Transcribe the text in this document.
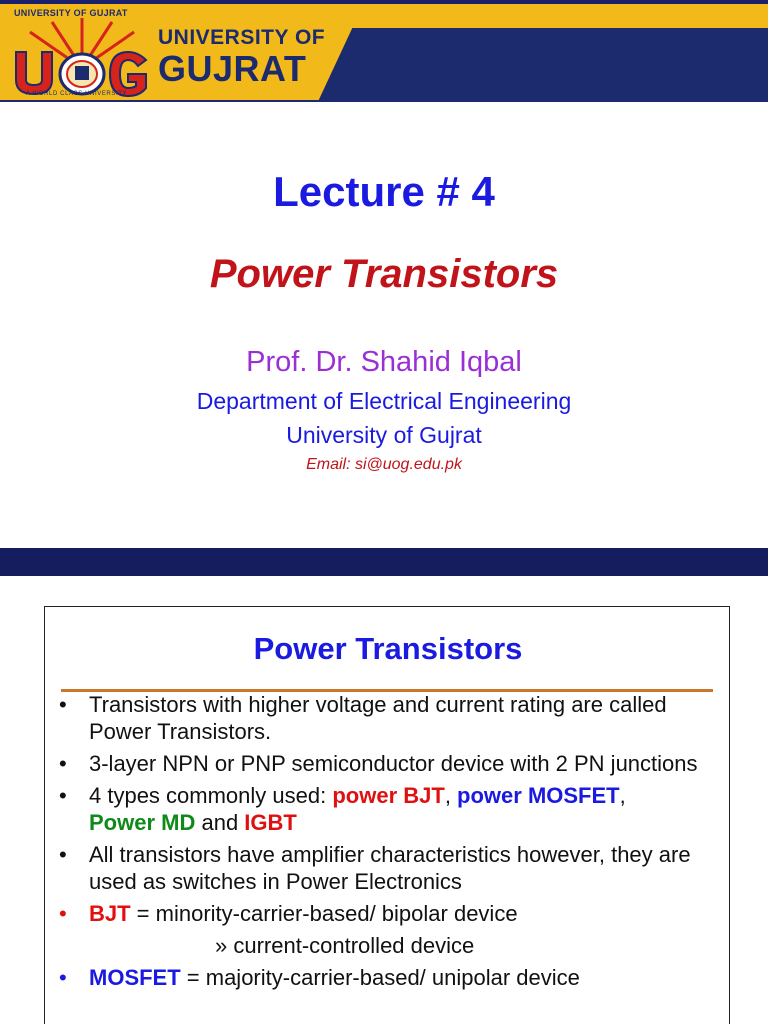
UNIVERSITY OF GUJRAT
A WORLD CLASS UNIVERSITY
UNIVERSITY OF
GUJRAT
Lecture # 4
Power Transistors
Prof. Dr. Shahid Iqbal
Department of Electrical Engineering
University of Gujrat
Email: si@uog.edu.pk
Power Transistors
• Transistors with higher voltage and current rating are called Power Transistors.
• 3-layer NPN or PNP semiconductor device with 2 PN junctions
• 4 types commonly used: power BJT, power MOSFET,
Power MD and IGBT
• All transistors have amplifier characteristics however, they are used as switches in Power Electronics
• BJT = minority-carrier-based/ bipolar device
» current-controlled device
• MOSFET = majority-carrier-based/ unipolar device
